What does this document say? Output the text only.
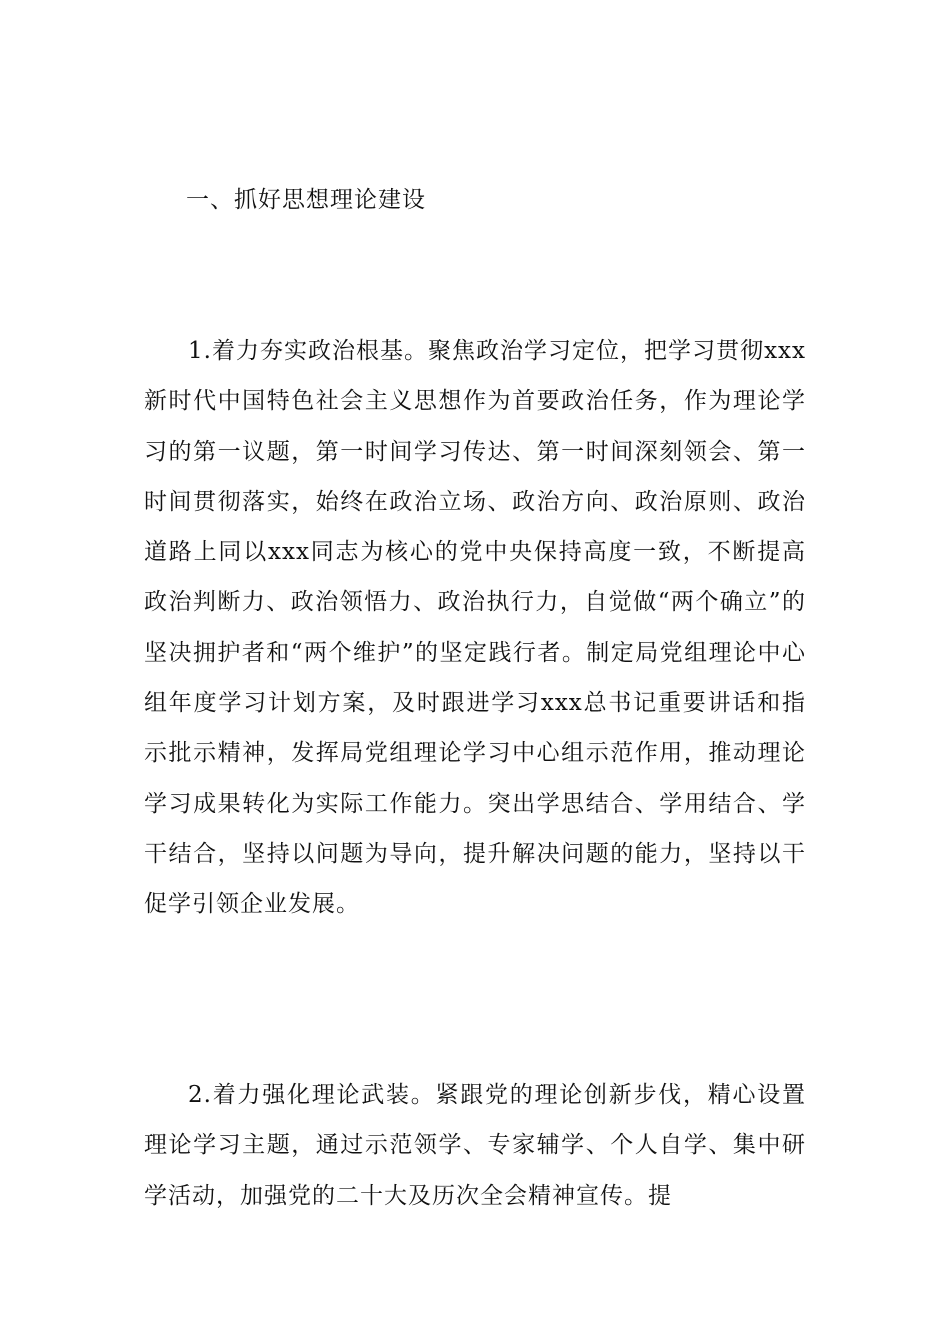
一、抓好思想理论建设
1.着力夯实政治根基。聚焦政治学习定位，把学习贯彻xxx新时代中国特色社会主义思想作为首要政治任务，作为理论学习的第一议题，第一时间学习传达、第一时间深刻领会、第一时间贯彻落实，始终在政治立场、政治方向、政治原则、政治道路上同以xxx同志为核心的党中央保持高度一致，不断提高政治判断力、政治领悟力、政治执行力，自觉做“两个确立”的坚决拥护者和“两个维护”的坚定践行者。制定局党组理论中心组年度学习计划方案，及时跟进学习xxx总书记重要讲话和指示批示精神，发挥局党组理论学习中心组示范作用，推动理论学习成果转化为实际工作能力。突出学思结合、学用结合、学干结合，坚持以问题为导向，提升解决问题的能力，坚持以干促学引领企业发展。
2.着力强化理论武装。紧跟党的理论创新步伐，精心设置理论学习主题，通过示范领学、专家辅学、个人自学、集中研学活动，加强党的二十大及历次全会精神宣传。提
